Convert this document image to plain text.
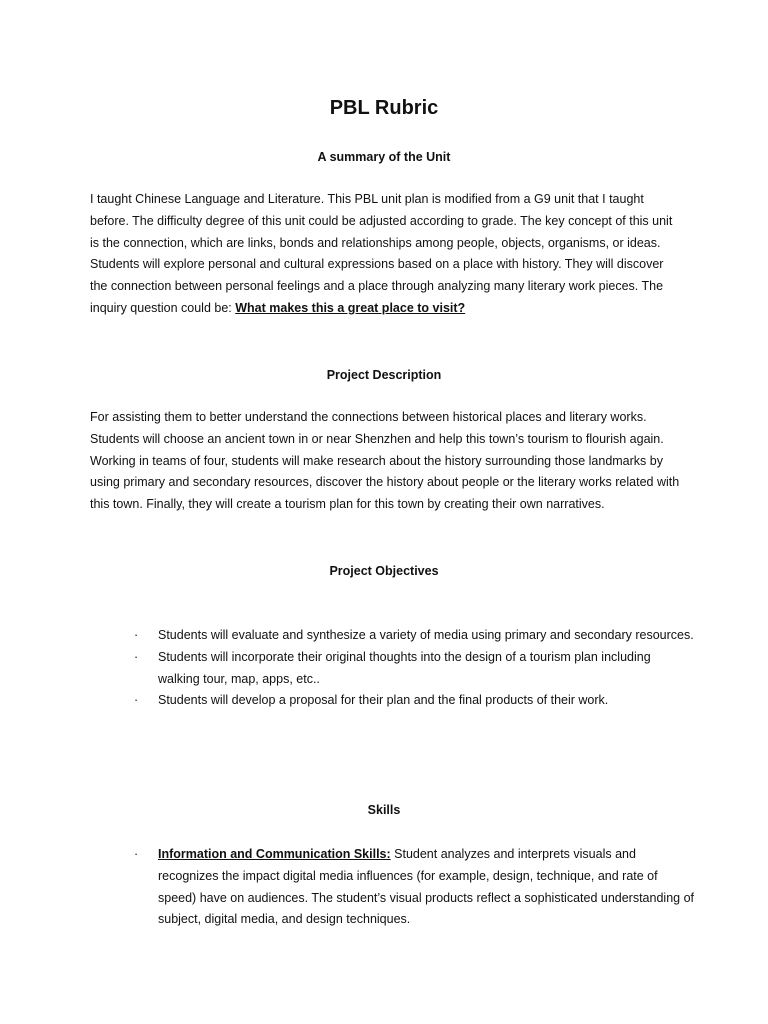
PBL Rubric
A summary of the Unit

I taught Chinese Language and Literature. This PBL unit plan is modified from a G9 unit that I taught before. The difficulty degree of this unit could be adjusted according to grade. The key concept of this unit is the connection, which are links, bonds and relationships among people, objects, organisms, or ideas. Students will explore personal and cultural expressions based on a place with history. They will discover the connection between personal feelings and a place through analyzing many literary work pieces. The inquiry question could be: What makes this a great place to visit?

Project Description

For assisting them to better understand the connections between historical places and literary works. Students will choose an ancient town in or near Shenzhen and help this town’s tourism to flourish again. Working in teams of four, students will make research about the history surrounding those landmarks by using primary and secondary resources, discover the history about people or the literary works related with this town. Finally, they will create a tourism plan for this town by creating their own narratives.

Project Objectives
·	Students will evaluate and synthesize a variety of media using primary and secondary resources.
·	Students will incorporate their original thoughts into the design of a tourism plan including walking tour, map, apps, etc..
·	Students will develop a proposal for their plan and the final products of their work.
Skills
·	Information and Communication Skills: Student analyzes and interprets visuals and recognizes the impact digital media influences (for example, design, technique, and rate of speed) have on audiences. The student’s visual products reflect a sophisticated understanding of subject, digital media, and design techniques.
